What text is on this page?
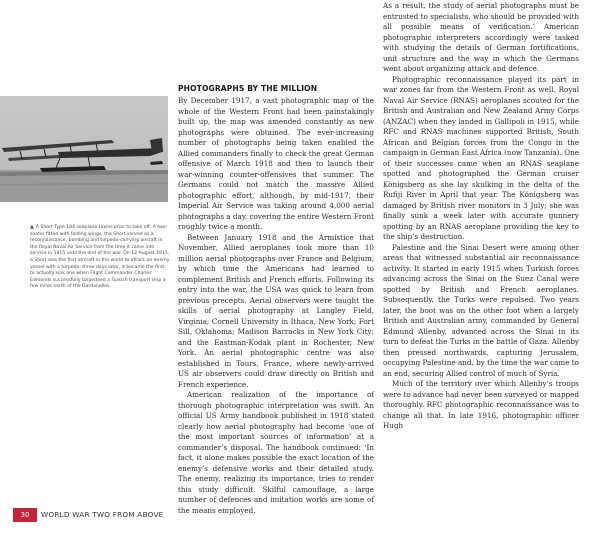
▲ A Short Type 184 seaplane taxies prior to take off. A two-seater fitted with folding wings, the Short served as a reconnaissance, bombing and torpedo-carrying aircraft in the Royal Naval Air Service from the time it came into service in 1915 until the end of the war. On 12 August 1915, a Short was the first aircraft in the world to attack an enemy vessel with a torpedo; three days later, it became the first to actually sink one when Flight Commander Charles Edmonds successfully torpedoed a Turkish transport ship a few miles north of the Dardanelles.
PHOTOGRAPHS BY THE MILLION

By December 1917, a vast photographic map of the whole of the Western Front had been painstakingly built up, the map was amended constantly as new photographs were obtained. The ever-increasing number of photographs being taken enabled the Allied commanders finally to check the great German offensive of March 1918 and then to launch their war-winning counter-offensives that summer. The Germans could not match the massive Allied photographic effort, although, by mid-1917, their Imperial Air Service was taking around 4,000 aerial photographs a day, covering the entire Western Front roughly twice a month.

Between January 1918 and the Armistice that November, Allied aeroplanes took more than 10 million aerial photographs over France and Belgium, by which time the Americans had learned to complement British and French efforts. Following its entry into the war, the USA was quick to learn from previous precepts. Aerial observers were taught the skills of aerial photography at Langley Field, Virginia; Cornell University in Ithaca, New York; Fort Sill, Oklahoma; Madison Barracks in New York City; and the Eastman-Kodak plant in Rochester, New York. An aerial photographic centre was also established in Tours, France, where newly-arrived US air observers could draw directly on British and French experience.

American realization of the importance of thorough photographic interpretation was swift. An official US Army handbook published in 1918 stated clearly how aerial photography had become ‘one of the most important sources of information’ at a commander’s disposal. The handbook continued: ‘In fact, it alone makes possible the exact location of the enemy’s defensive works and their detailed study. The enemy, realizing its importance, tries to render this study difficult. Skilful camouflage, a large number of defences and imitation works are some of the means employed.

As a result, the study of aerial photographs must be entrusted to specialists, who should be provided with all possible means of verification.’ American photographic interpreters accordingly were tasked with studying the details of German fortifications, unit structure and the way in which the Germans went about organizing attack and defence.

Photographic reconnaissance played its part in war zones far from the Western Front as well. Royal Naval Air Service (RNAS) aeroplanes scouted for the British and Australian and New Zealand Army Corps (ANZAC) when they landed in Gallipoli in 1915, while RFC and RNAS machines supported British, South African and Belgian forces from the Congo in the campaign in German East Africa (now Tanzania). One of their successes came when an RNAS seaplane spotted and photographed the German cruiser Königsberg as she lay skulking in the delta of the Rufiji River in April that year. The Königsberg was damaged by British river monitors in 3 July; she was finally sunk a week later with accurate gunnery spotting by an RNAS aeroplane providing the key to the ship’s destruction.

Palestine and the Sinai Desert were among other areas that witnessed substantial air reconnaissance activity. It started in early 1915 when Turkish forces advancing across the Sinai on the Suez Canal were spotted by British and French aeroplanes. Subsequently, the Turks were repulsed. Two years later, the boot was on the other foot when a largely British and Australian army, commanded by General Edmund Allenby, advanced across the Sinai in its turn to defeat the Turks in the battle of Gaza. Allenby then pressed northwards, capturing Jerusalem, occupying Palestine and, by the time the war came to an end, securing Allied control of much of Syria.

Much of the territory over which Allenby’s troops were to advance had never been surveyed or mapped thoroughly. RFC photographic reconnaissance was to change all that. In late 1916, photographic officer Hugh

30	WORLD WAR TWO FROM ABOVE
